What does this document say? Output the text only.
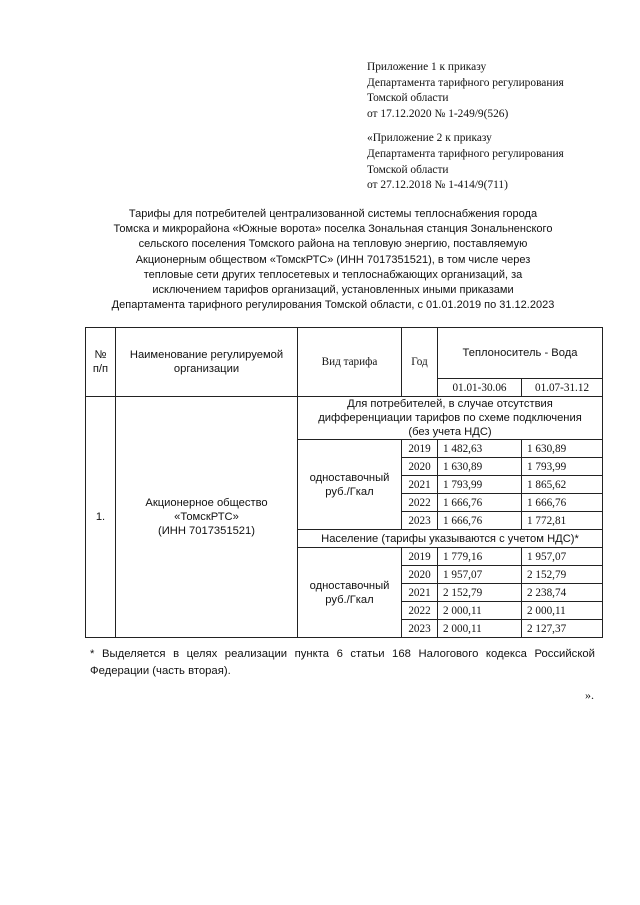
Приложение 1 к приказу
Департамента тарифного регулирования
Томской области
от 17.12.2020 № 1-249/9(526)
«Приложение 2 к приказу
Департамента тарифного регулирования
Томской области
от 27.12.2018 № 1-414/9(711)
Тарифы для потребителей централизованной системы теплоснабжения города
Томска и микрорайона «Южные ворота» поселка Зональная станция Зональненского
сельского поселения Томского района на тепловую энергию, поставляемую
Акционерным обществом «ТомскРТС» (ИНН 7017351521), в том числе через
тепловые сети других теплосетевых и теплоснабжающих организаций, за
исключением тарифов организаций, установленных иными приказами
Департамента тарифного регулирования Томской области, с 01.01.2019 по 31.12.2023
№ п/п	Наименование регулируемой организации	Вид тарифа	Год	Теплоноситель - Вода	
				01.01-30.06	01.07-31.12
1.	Акционерное общество
«ТомскРТС»
(ИНН 7017351521)	Для потребителей, в случае отсутствия
дифференциации тарифов по схеме подключения
(без учета НДС)			

		одноставочный
руб./Гкал	2019	1 482,63	1 630,89
			2020	1 630,89	1 793,99
			2021	1 793,99	1 865,62
			2022	1 666,76	1 666,76
			2023	1 666,76	1 772,81

		Население (тарифы указываются с учетом НДС)*			

		одноставочный
руб./Гкал	2019	1 779,16	1 957,07
			2020	1 957,07	2 152,79
			2021	2 152,79	2 238,74
			2022	2 000,11	2 000,11
			2023	2 000,11	2 127,37
* Выделяется в целях реализации пункта 6 статьи 168 Налогового кодекса Российской Федерации (часть вторая).
».
